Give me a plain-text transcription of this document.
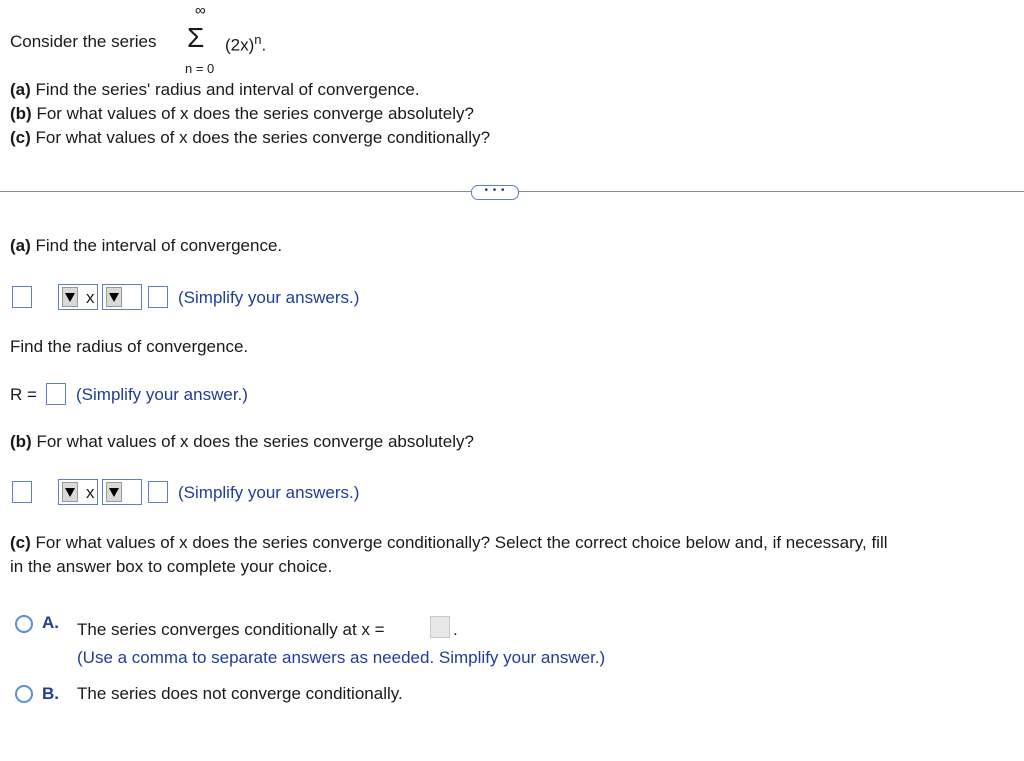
Consider the series
∞
Σ
n = 0
$(2x)^n$.
(a) Find the series' radius and interval of convergence.
(b) For what values of x does the series converge absolutely?
(c) For what values of x does the series converge conditionally?
• • •
(a) Find the interval of convergence.
x	(Simplify your answers.)
Find the radius of convergence.
R = (Simplify your answer.)
(b) For what values of x does the series converge absolutely?
x	(Simplify your answers.)
(c) For what values of x does the series converge conditionally? Select the correct choice below and, if necessary, fill
in the answer box to complete your choice.
A. The series converges conditionally at x =	.
(Use a comma to separate answers as needed. Simplify your answer.)
B. The series does not converge conditionally.
